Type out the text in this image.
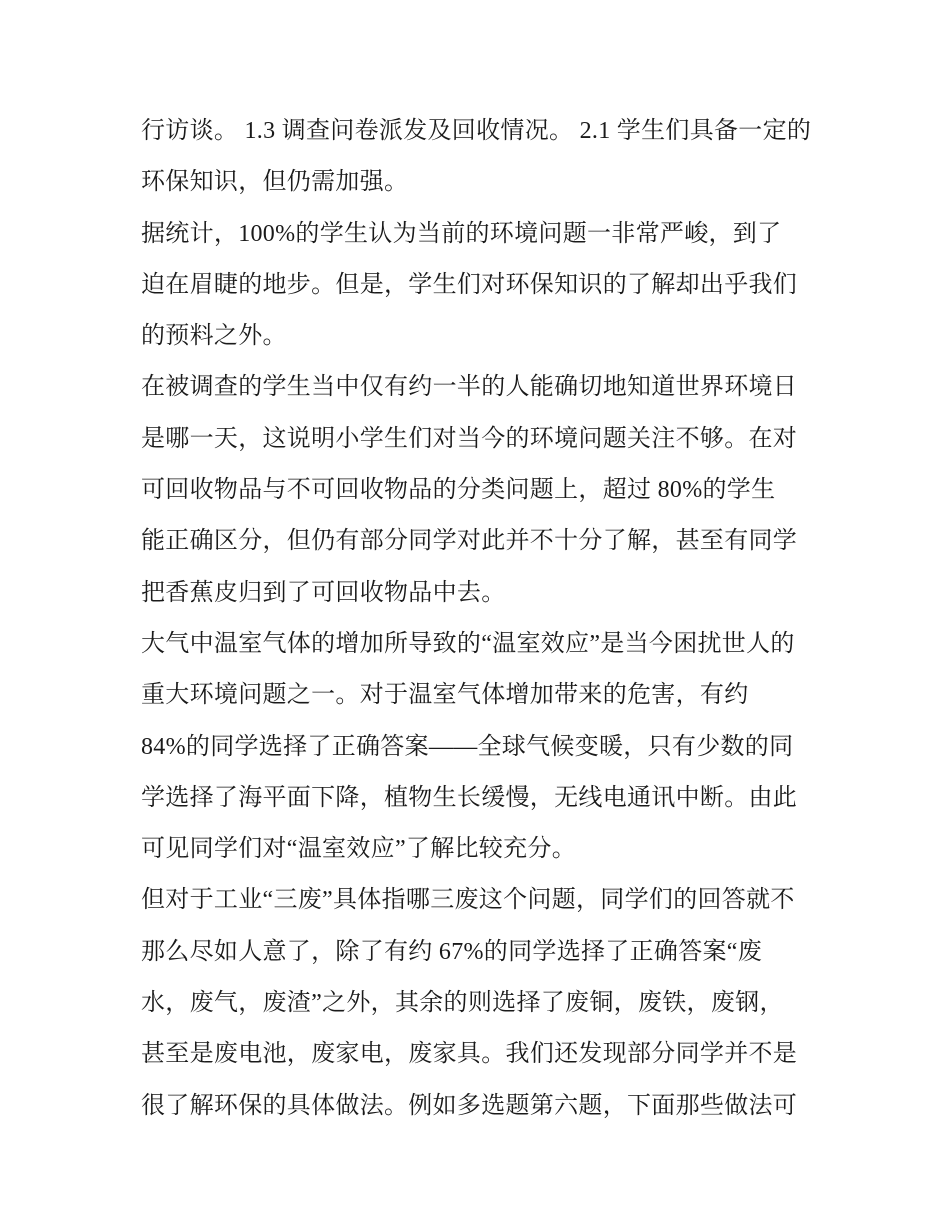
行访谈。 1.3 调查问卷派发及回收情况。 2.1 学生们具备一定的
环保知识，但仍需加强。
据统计，100%的学生认为当前的环境问题一非常严峻，到了
迫在眉睫的地步。但是，学生们对环保知识的了解却出乎我们
的预料之外。
在被调查的学生当中仅有约一半的人能确切地知道世界环境日
是哪一天，这说明小学生们对当今的环境问题关注不够。在对
可回收物品与不可回收物品的分类问题上，超过 80%的学生
能正确区分，但仍有部分同学对此并不十分了解，甚至有同学
把香蕉皮归到了可回收物品中去。
大气中温室气体的增加所导致的“温室效应”是当今困扰世人的
重大环境问题之一。对于温室气体增加带来的危害，有约
84%的同学选择了正确答案——全球气候变暖，只有少数的同
学选择了海平面下降，植物生长缓慢，无线电通讯中断。由此
可见同学们对“温室效应”了解比较充分。
但对于工业“三废”具体指哪三废这个问题，同学们的回答就不
那么尽如人意了，除了有约 67%的同学选择了正确答案“废
水，废气，废渣”之外，其余的则选择了废铜，废铁，废钢，
甚至是废电池，废家电，废家具。我们还发现部分同学并不是
很了解环保的具体做法。例如多选题第六题，下面那些做法可
